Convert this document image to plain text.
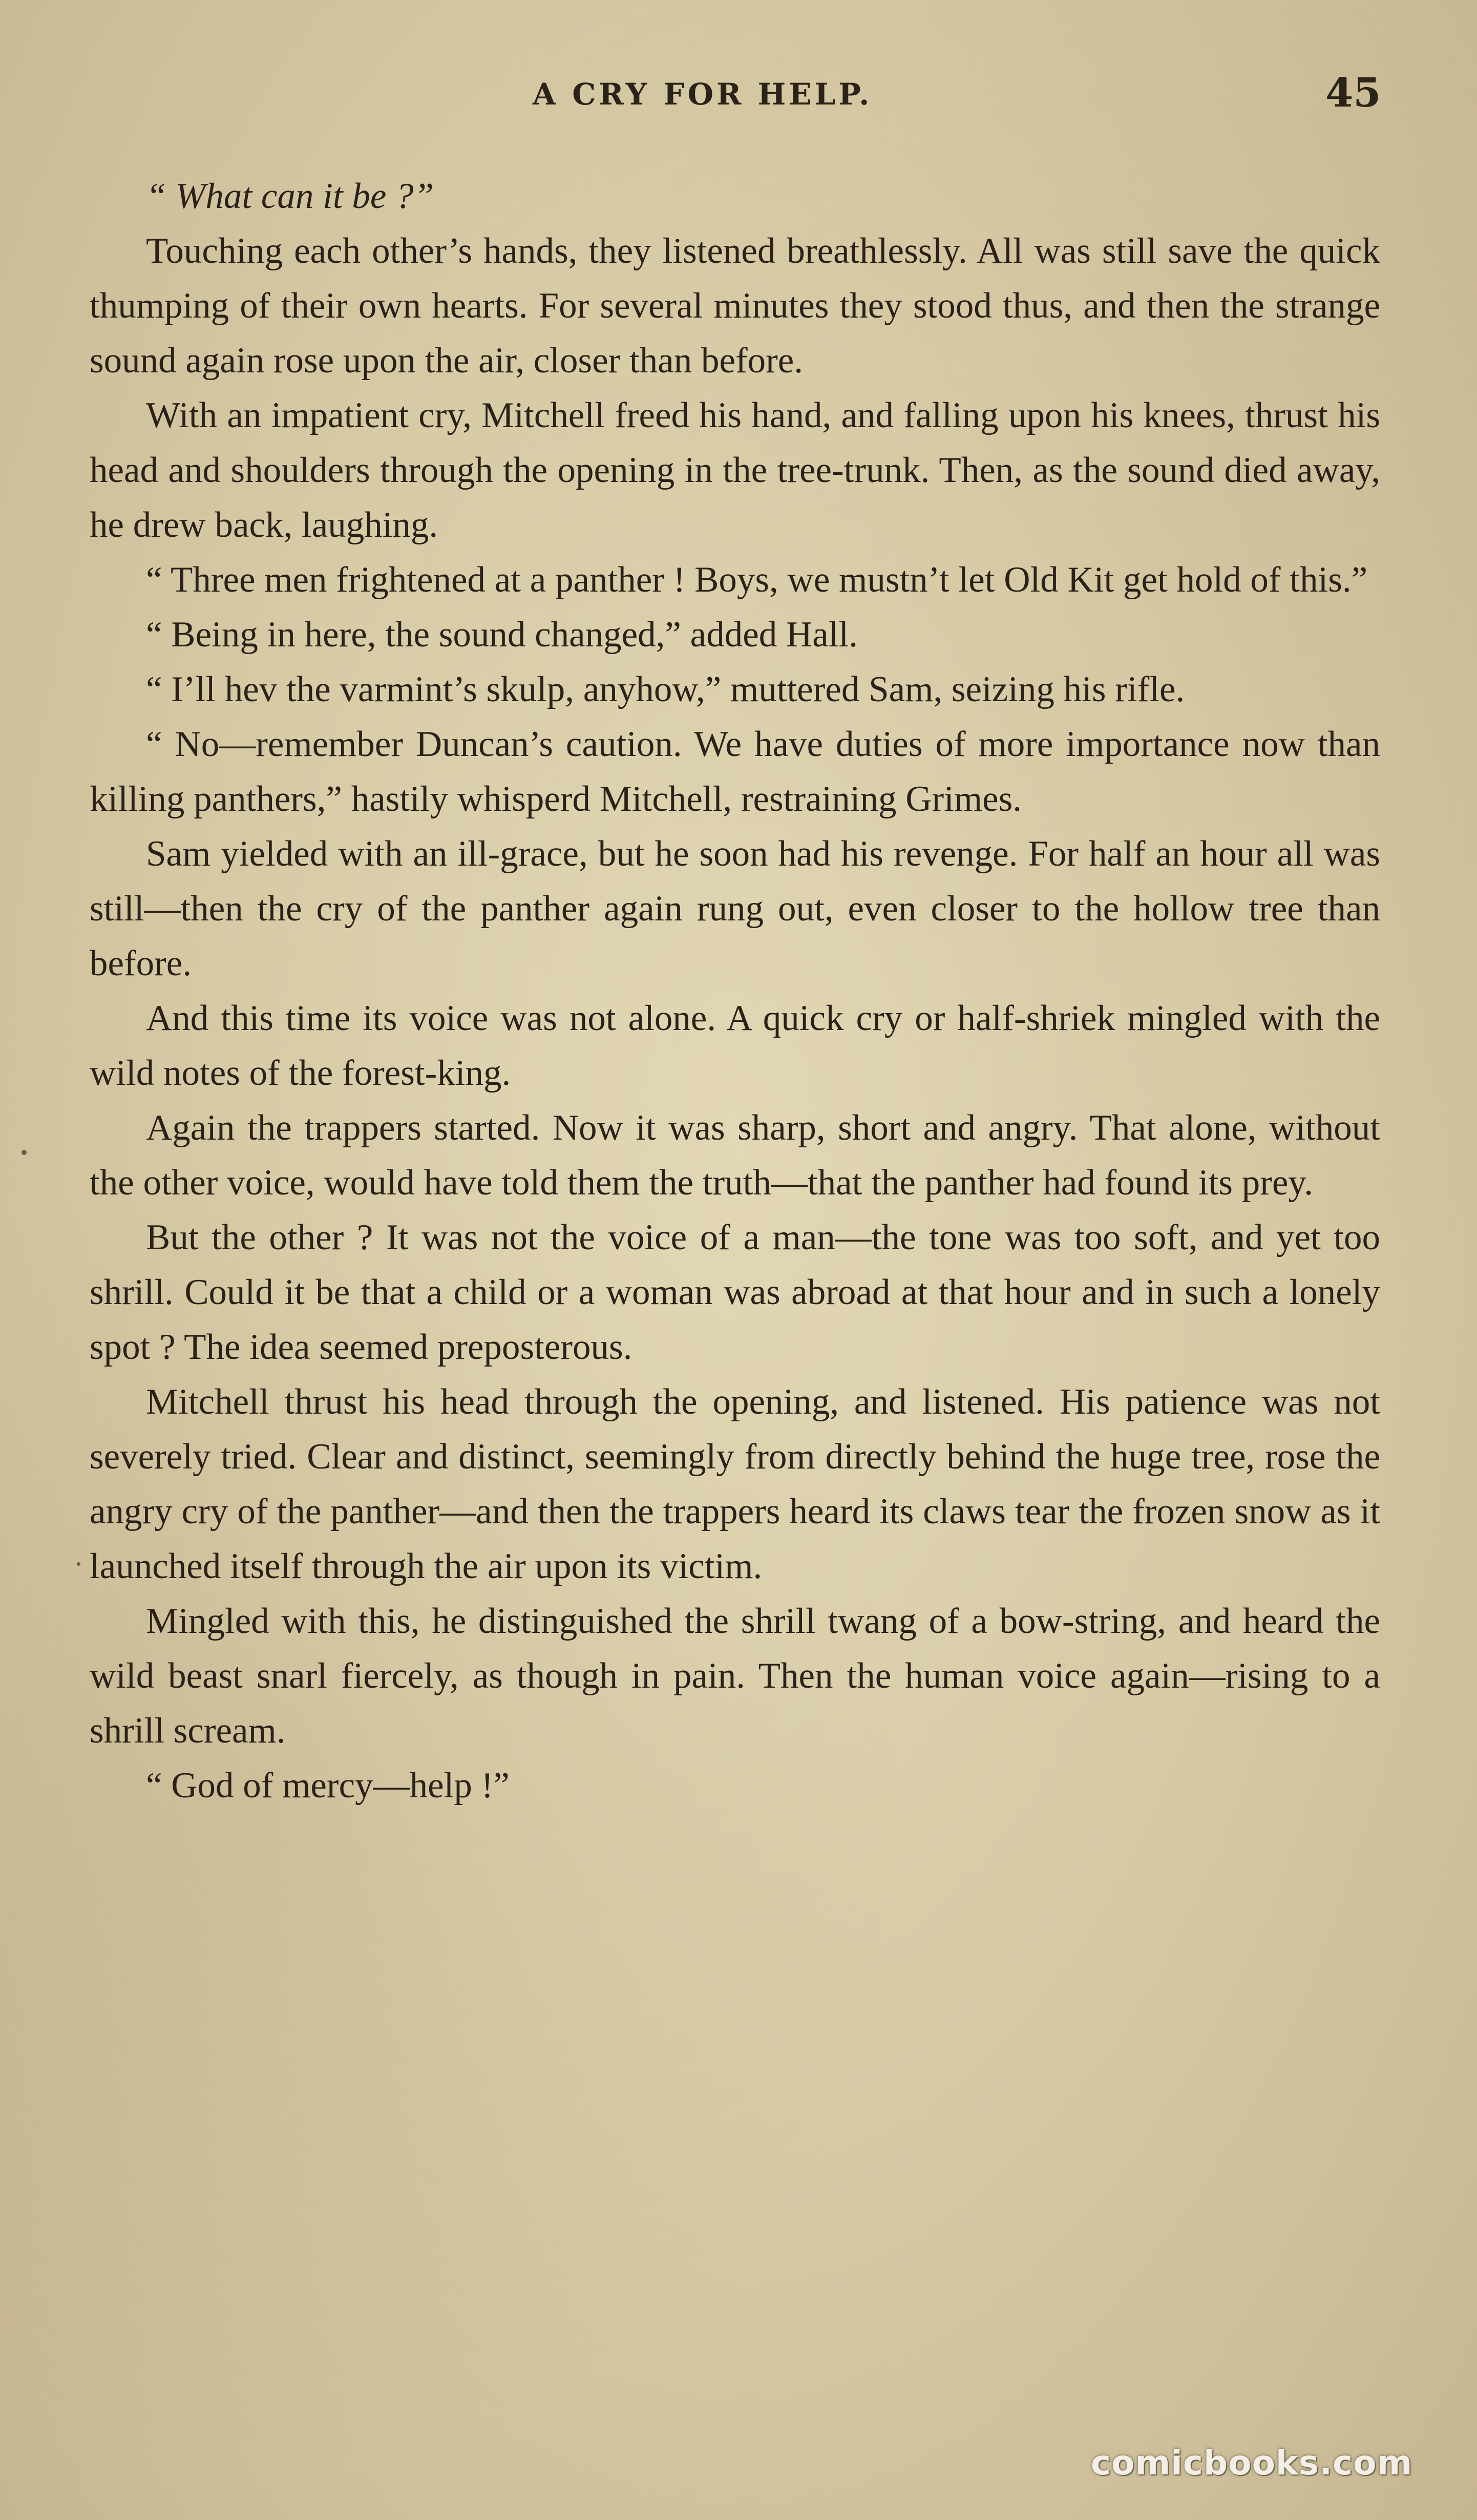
A CRY FOR HELP.	45

“ What can it be ?”

Touching each other’s hands, they listened breathlessly. All was still save the quick thumping of their own hearts. For several minutes they stood thus, and then the strange sound again rose upon the air, closer than before.

With an impatient cry, Mitchell freed his hand, and falling upon his knees, thrust his head and shoulders through the opening in the tree-trunk. Then, as the sound died away, he drew back, laughing.

“ Three men frightened at a panther ! Boys, we mustn’t let Old Kit get hold of this.”

“ Being in here, the sound changed,” added Hall.

“ I’ll hev the varmint’s skulp, anyhow,” muttered Sam, seizing his rifle.

“ No—remember Duncan’s caution. We have duties of more importance now than killing panthers,” hastily whisperd Mitchell, restraining Grimes.

Sam yielded with an ill-grace, but he soon had his revenge. For half an hour all was still—then the cry of the panther again rung out, even closer to the hollow tree than before.

And this time its voice was not alone. A quick cry or half-shriek mingled with the wild notes of the forest-king.

Again the trappers started. Now it was sharp, short and angry. That alone, without the other voice, would have told them the truth—that the panther had found its prey.

But the other ? It was not the voice of a man—the tone was too soft, and yet too shrill. Could it be that a child or a woman was abroad at that hour and in such a lonely spot ? The idea seemed preposterous.

Mitchell thrust his head through the opening, and listened. His patience was not severely tried. Clear and distinct, seemingly from directly behind the huge tree, rose the angry cry of the panther—and then the trappers heard its claws tear the frozen snow as it launched itself through the air upon its victim.

Mingled with this, he distinguished the shrill twang of a bow-string, and heard the wild beast snarl fiercely, as though in pain. Then the human voice again—rising to a shrill scream.

“ God of mercy—help !”

comicbooks.com
